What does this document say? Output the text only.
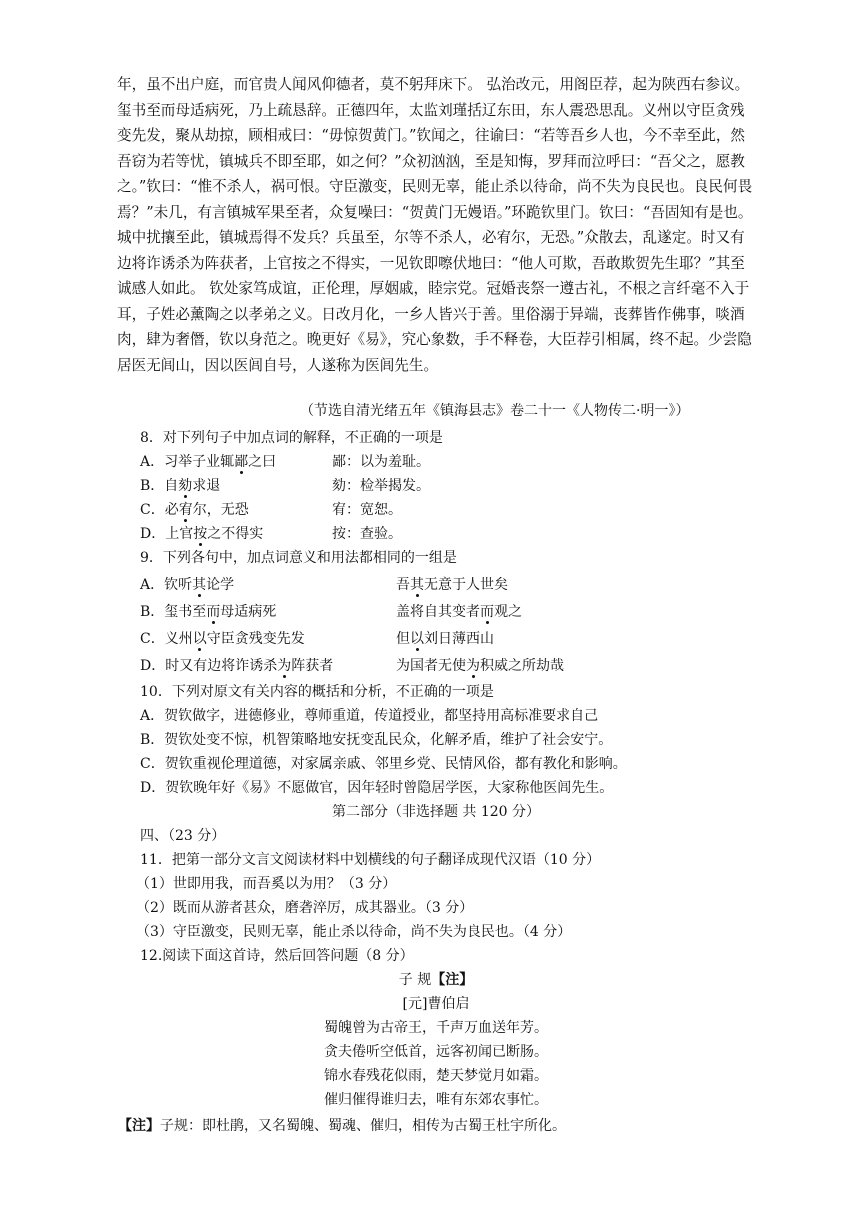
年，虽不出户庭，而官贵人闻风仰德者，莫不躬拜床下。 弘治改元，用阁臣荐，起为陕西右参议。玺书至而母适病死，乃上疏恳辞。正德四年，太监刘瑾括辽东田，东人震恐思乱。义州以守臣贪残变先发，聚从劫掠，顾相戒曰：“毋惊贺黄门。”钦闻之，往谕曰：“若等吾乡人也，今不幸至此，然吾窃为若等忧，镇城兵不即至耶，如之何？”众初汹汹，至是知悔，罗拜而泣呼曰：“吾父之，愿教之。”钦曰：“惟不杀人，祸可恨。守臣激变，民则无辜，能止杀以待命，尚不失为良民也。良民何畏焉？”未几，有言镇城军果至者，众复噪曰：“贺黄门无嫚语。”环跪钦里门。钦曰：“吾固知有是也。城中扰攘至此，镇城焉得不发兵？兵虽至，尔等不杀人，必宥尔，无恐。”众散去，乱遂定。时又有边将诈诱杀为阵获者，上官按之不得实，一见钦即嚓伏地曰：“他人可欺，吾敢欺贺先生耶？”其至诚感人如此。 钦处家笃成谊，正伦理，厚姻戚，睦宗党。冠婚丧祭一遵古礼，不根之言纤毫不入于耳，子姓必薰陶之以孝弟之义。日改月化，一乡人皆兴于善。里俗溺于异端，丧葬皆作佛事，啖酒肉，肆为奢僭，钦以身范之。晚更好《易》，究心象数，手不释卷，大臣荐引相属，终不起。少尝隐居医无闾山，因以医闾自号，人遂称为医闾先生。

（节选自清光绪五年《镇海县志》卷二十一《人物传二·明一》）

8．对下列句子中加点词的解释，不正确的一项是

A．习举子业辄鄙之曰	鄙：以为羞耻。

B．自劾求退	劾：检举揭发。

C．必宥尔，无恐	宥：宽恕。

D．上官按之不得实	按：查验。

9．下列各句中，加点词意义和用法都相同的一组是

A．钦听其论学	吾其无意于人世矣

B．玺书至而母适病死	盖将自其变者而观之

C．义州以守臣贪残变先发	但以刘日薄西山

D．时又有边将诈诱杀为阵获者	为国者无使为积威之所劫哉

10．下列对原文有关内容的概括和分析，不正确的一项是

A．贺钦做字，进德修业，尊师重道，传道授业，都坚持用高标准要求自己

B．贺钦处变不惊，机智策略地安抚变乱民众，化解矛盾，维护了社会安宁。

C．贺钦重视伦理道德，对家属亲戚、邻里乡党、民情风俗，都有教化和影响。

D．贺钦晚年好《易》不愿做官，因年轻时曾隐居学医，大家称他医闾先生。

第二部分（非选择题 共 120 分）

四、（23 分）

11．把第一部分文言文阅读材料中划横线的句子翻译成现代汉语（10 分）

（1）世即用我，而吾奚以为用？（3 分）

（2）既而从游者甚众，磨砻淬厉，成其器业。（3 分）

（3）守臣激变，民则无辜，能止杀以待命，尚不失为良民也。（4 分）

12.阅读下面这首诗，然后回答问题（8 分）

子 规【注】

[元]曹伯启

蜀魄曾为古帝王，千声万血送年芳。

贪夫倦听空低首，远客初闻已断肠。

锦水春残花似雨，楚天梦觉月如霜。

催归催得谁归去，唯有东郊农事忙。

【注】子规：即杜鹃，又名蜀魄、蜀魂、催归，相传为古蜀王杜宇所化。
